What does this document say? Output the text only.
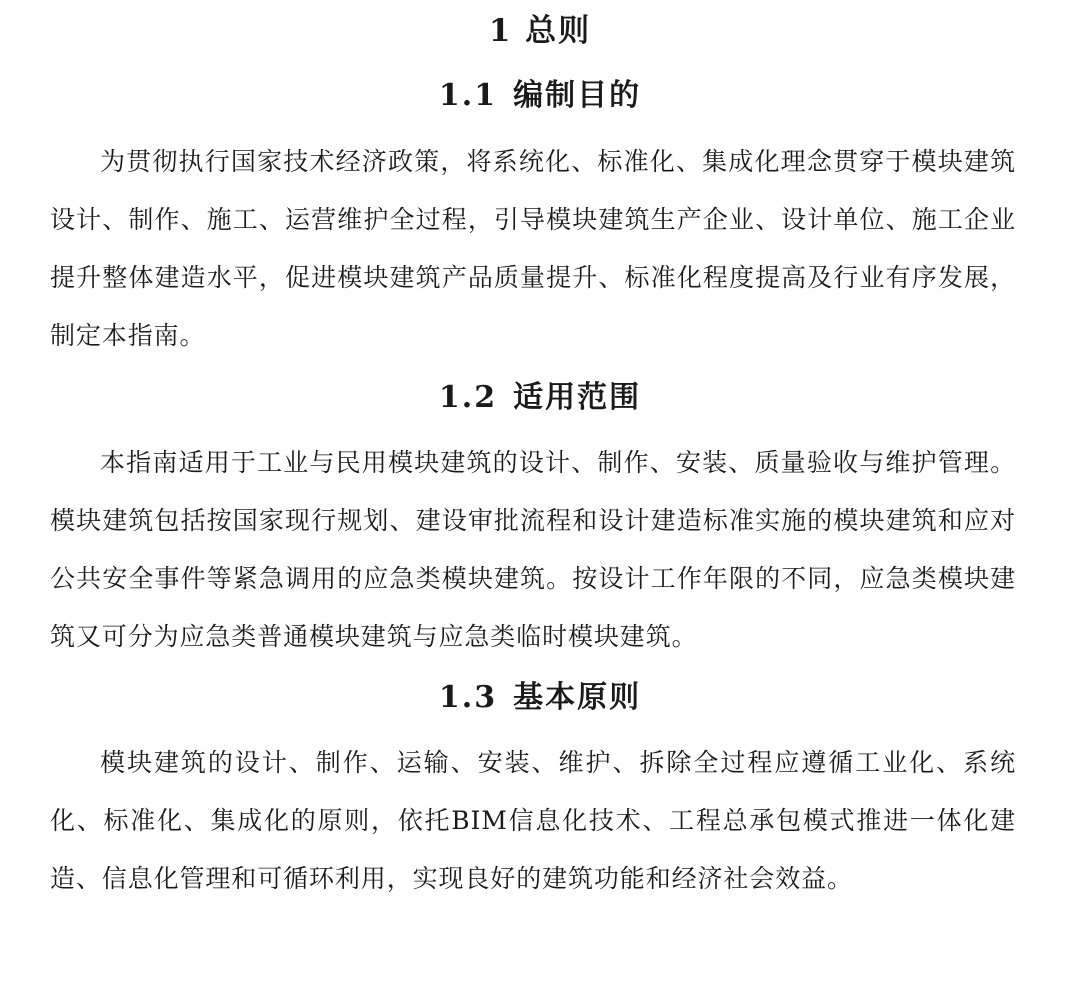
1 总则
1.1 编制目的

为贯彻执行国家技术经济政策，将系统化、标准化、集成化理念贯穿于模块建筑设计、制作、施工、运营维护全过程，引导模块建筑生产企业、设计单位、施工企业提升整体建造水平，促进模块建筑产品质量提升、标准化程度提高及行业有序发展，制定本指南。

1.2 适用范围

本指南适用于工业与民用模块建筑的设计、制作、安装、质量验收与维护管理。模块建筑包括按国家现行规划、建设审批流程和设计建造标准实施的模块建筑和应对公共安全事件等紧急调用的应急类模块建筑。按设计工作年限的不同，应急类模块建筑又可分为应急类普通模块建筑与应急类临时模块建筑。

1.3 基本原则

模块建筑的设计、制作、运输、安装、维护、拆除全过程应遵循工业化、系统化、标准化、集成化的原则，依托BIM信息化技术、工程总承包模式推进一体化建造、信息化管理和可循环利用，实现良好的建筑功能和经济社会效益。
